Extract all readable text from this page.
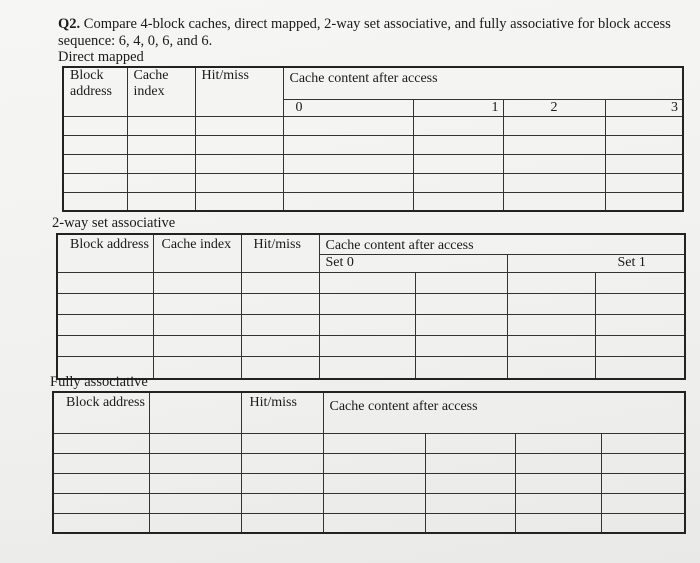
Q2. Compare 4-block caches, direct mapped, 2-way set associative, and fully associative for block access sequence: 6, 4, 0, 6, and 6.
Direct mapped
Block address	Cache index	Hit/miss	Cache content after access			
			0	1	2	3

2-way set associative
Block address	Cache index	Hit/miss	Cache content after access			
			Set 0		Set 1	

Fully associative
Block address		Hit/miss	Cache content after access			
